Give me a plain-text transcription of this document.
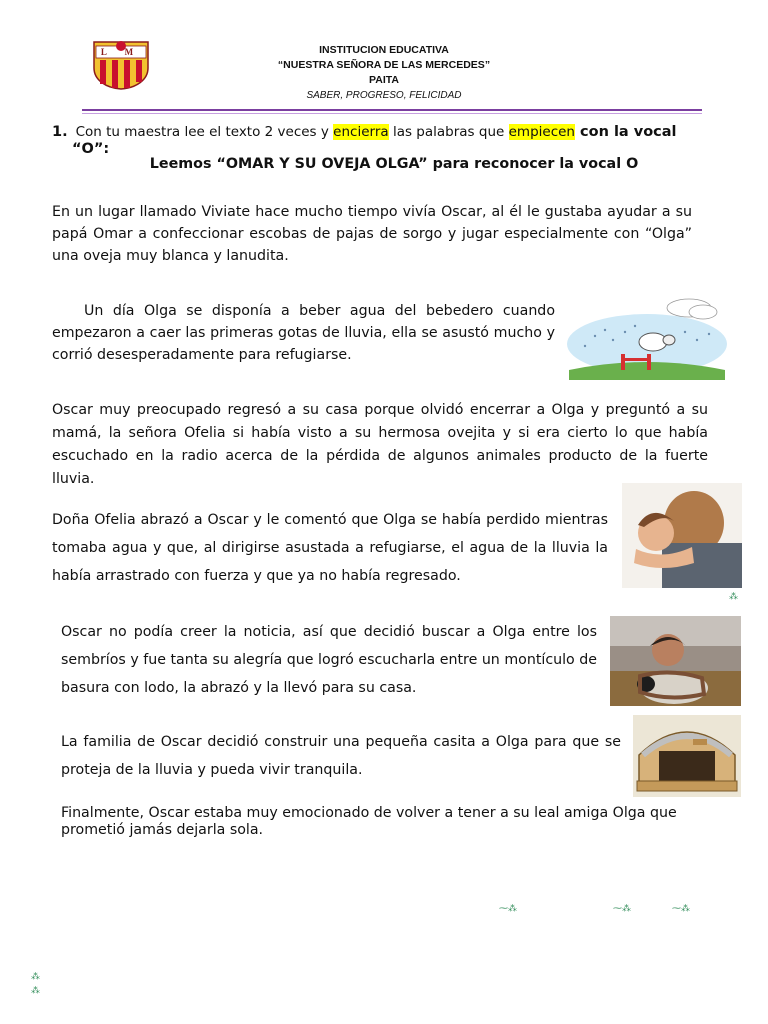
L M	INSTITUCION EDUCATIVA
“NUESTRA SEÑORA DE LAS MERCEDES”
PAITA
SABER, PROGRESO, FELICIDAD
1. Con tu maestra lee el texto 2 veces y encierra las palabras que empiecen con la vocal
“O”:
Leemos “OMAR Y SU OVEJA OLGA” para reconocer la vocal O
En un lugar llamado Viviate hace mucho tiempo vivía Oscar, al él le gustaba ayudar a su papá Omar a confeccionar escobas de pajas de sorgo y jugar especialmente con “Olga” una oveja muy blanca y lanudita.
Un día Olga se disponía a beber agua del bebedero cuando empezaron a caer las primeras gotas de lluvia, ella se asustó mucho y corrió desesperadamente para refugiarse.
Oscar muy preocupado regresó a su casa porque olvidó encerrar a Olga y preguntó a su mamá, la señora Ofelia si había visto a su hermosa ovejita y si era cierto lo que había escuchado en la radio acerca de la pérdida de algunos animales producto de la fuerte lluvia.
Doña Ofelia abrazó a Oscar y le comentó que Olga se había perdido mientras tomaba agua y que, al dirigirse asustada a refugiarse, el agua de la lluvia la había arrastrado con fuerza y que ya no había regresado.
⁂
Oscar no podía creer la noticia, así que decidió buscar a Olga entre los sembríos y fue tanta su alegría que logró escucharla entre un montículo de basura con lodo, la abrazó y la llevó para su casa.
La familia de Oscar decidió construir una pequeña casita a Olga para que se proteja de la lluvia y pueda vivir tranquila.
Finalmente, Oscar estaba muy emocionado de volver a tener a su leal amiga Olga que prometió jamás dejarla sola.
⁓⁂	⁓⁂	⁓⁂
⁂
⁂
